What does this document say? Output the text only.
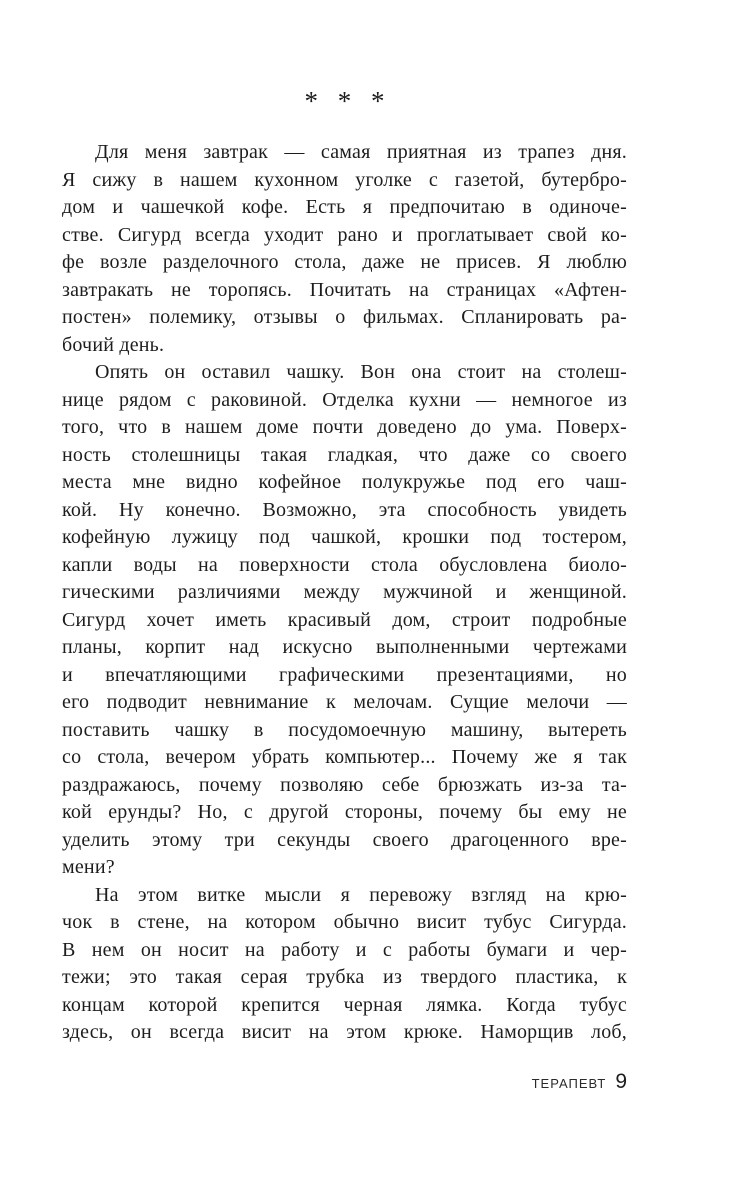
* * *
Для меня завтрак — самая приятная из трапез дня.
Я сижу в нашем кухонном уголке с газетой, бутербро-
дом и чашечкой кофе. Есть я предпочитаю в одиноче-
стве. Сигурд всегда уходит рано и проглатывает свой ко-
фе возле разделочного стола, даже не присев. Я люблю
завтракать не торопясь. Почитать на страницах «Афтен-
постен» полемику, отзывы о фильмах. Спланировать ра-
бочий день.
Опять он оставил чашку. Вон она стоит на столеш-
нице рядом с раковиной. Отделка кухни — немногое из
того, что в нашем доме почти доведено до ума. Поверх-
ность столешницы такая гладкая, что даже со своего
места мне видно кофейное полукружье под его чаш-
кой. Ну конечно. Возможно, эта способность увидеть
кофейную лужицу под чашкой, крошки под тостером,
капли воды на поверхности стола обусловлена биоло-
гическими различиями между мужчиной и женщиной.
Сигурд хочет иметь красивый дом, строит подробные
планы, корпит над искусно выполненными чертежами
и впечатляющими графическими презентациями, но
его подводит невнимание к мелочам. Сущие мелочи —
поставить чашку в посудомоечную машину, вытереть
со стола, вечером убрать компьютер... Почему же я так
раздражаюсь, почему позволяю себе брюзжать из-за та-
кой ерунды? Но, с другой стороны, почему бы ему не
уделить этому три секунды своего драгоценного вре-
мени?
На этом витке мысли я перевожу взгляд на крю-
чок в стене, на котором обычно висит тубус Сигурда.
В нем он носит на работу и с работы бумаги и чер-
тежи; это такая серая трубка из твердого пластика, к
концам которой крепится черная лямка. Когда тубус
здесь, он всегда висит на этом крюке. Наморщив лоб,
ТЕРАПЕВТ 9
